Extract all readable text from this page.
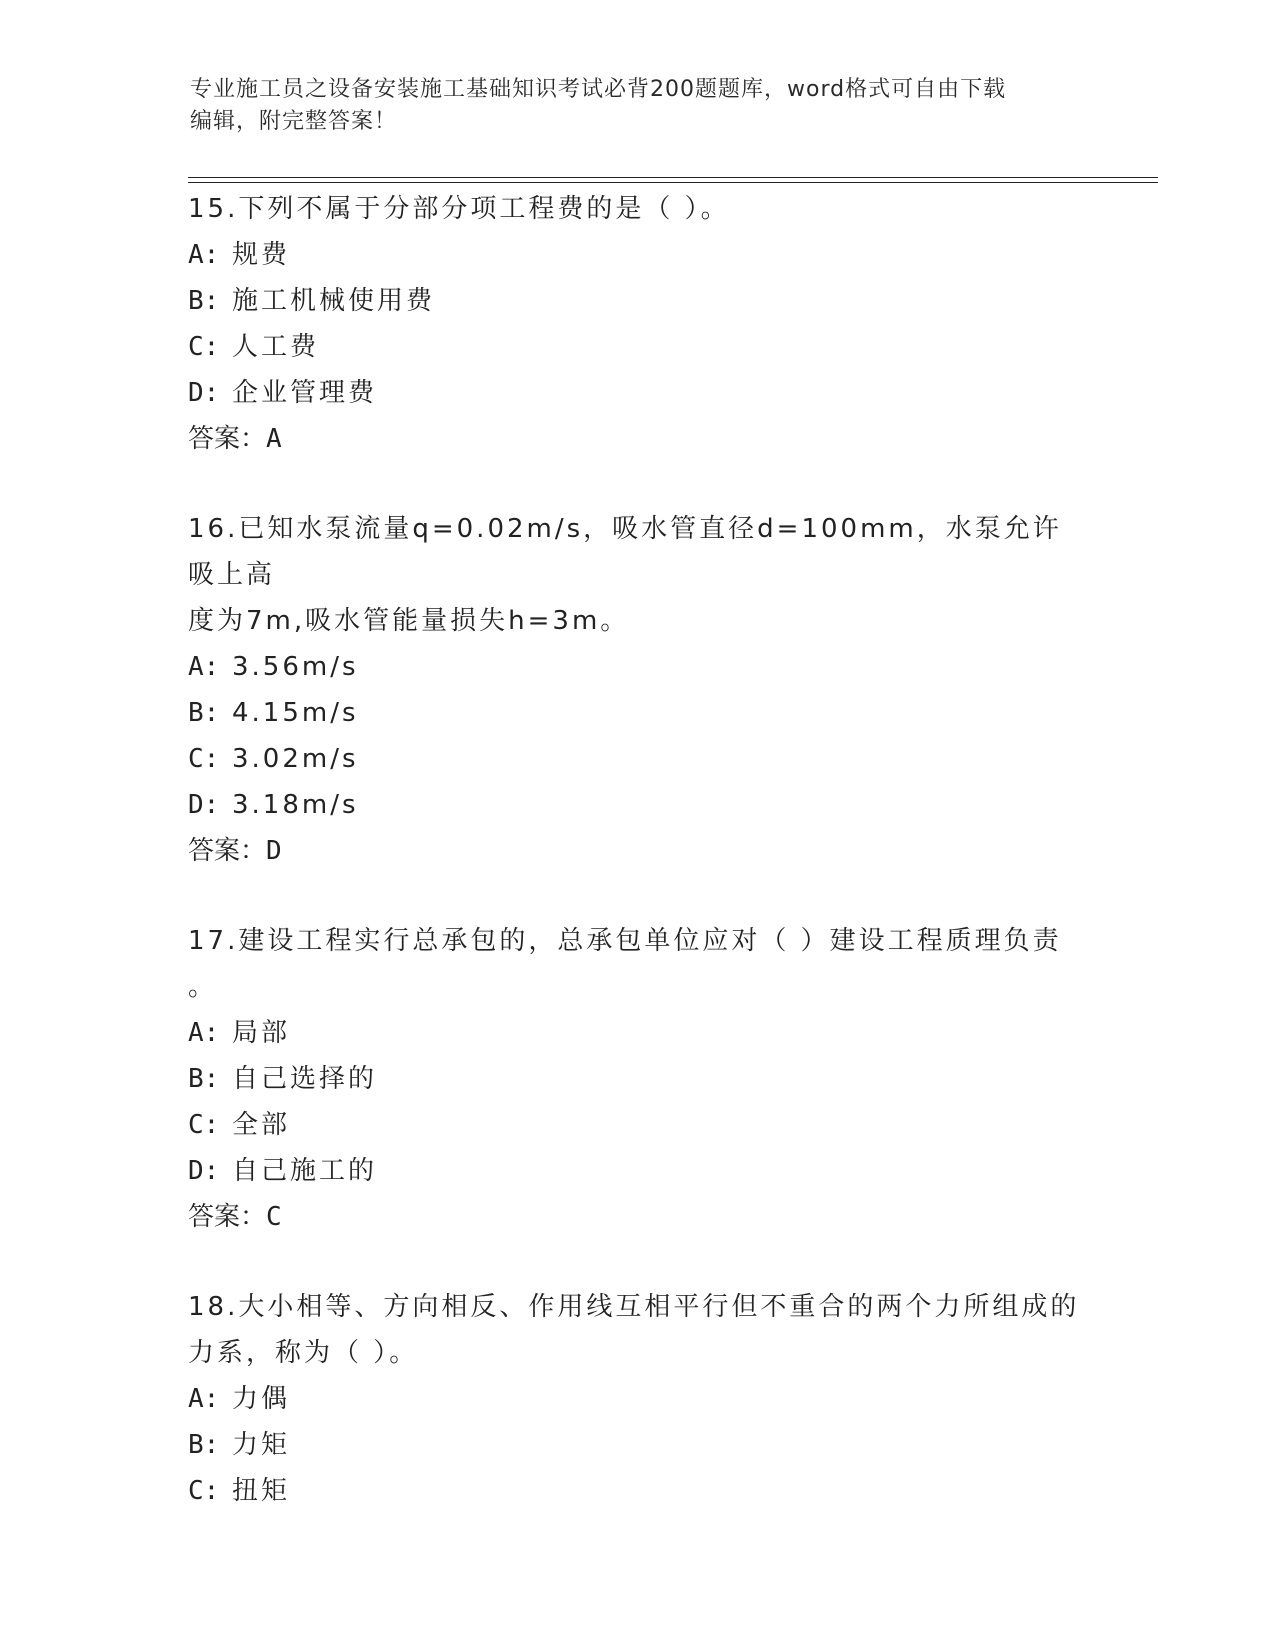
专业施工员之设备安装施工基础知识考试必背200题题库，word格式可自由下载
编辑，附完整答案！

15.下列不属于分部分项工程费的是（ ）。

A: 规费

B: 施工机械使用费

C: 人工费

D: 企业管理费

答案：A

16.已知水泵流量q=0.02m/s，吸水管直径d=100mm，水泵允许吸上高

度为7m,吸水管能量损失h=3m。

A: 3.56m/s

B: 4.15m/s

C: 3.02m/s

D: 3.18m/s

答案：D

17.建设工程实行总承包的，总承包单位应对（ ）建设工程质理负责

。

A: 局部

B: 自己选择的

C: 全部

D: 自己施工的

答案：C

18.大小相等、方向相反、作用线互相平行但不重合的两个力所组成的

力系，称为（ ）。

A: 力偶

B: 力矩

C: 扭矩
